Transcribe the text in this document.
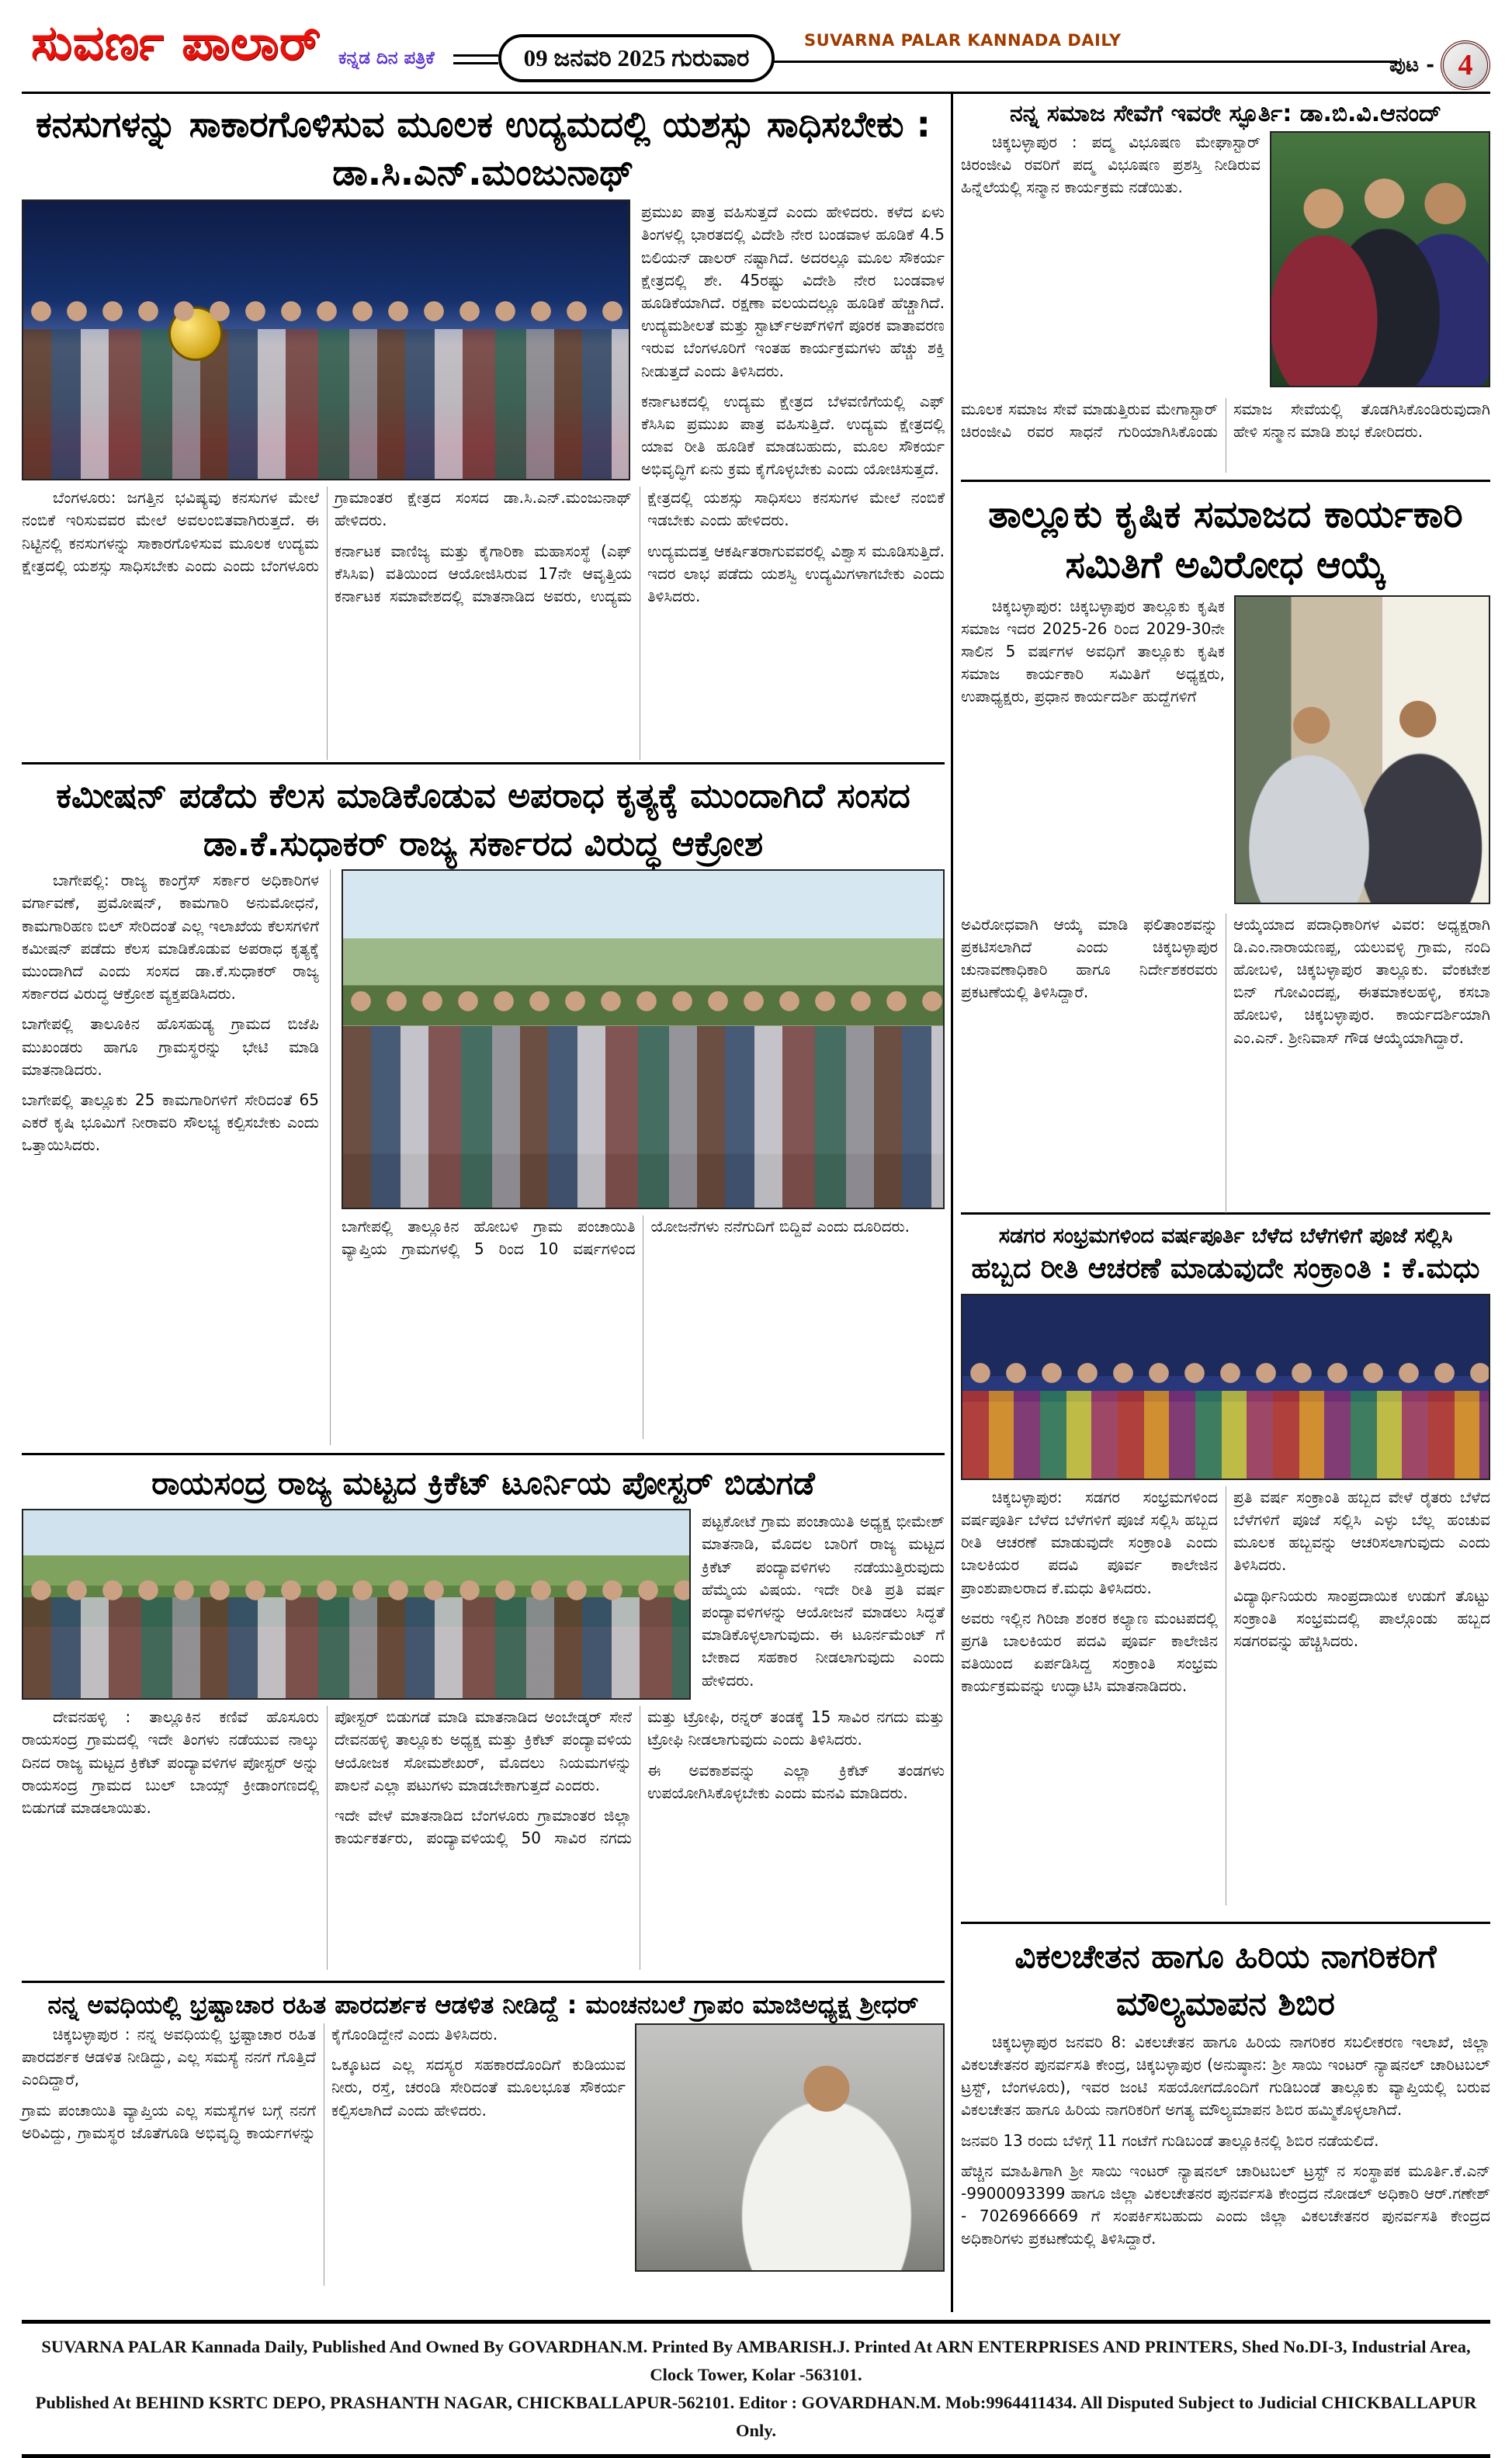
ಸುವರ್ಣ ಪಾಲಾರ್ ಕನ್ನಡ ದಿನ ಪತ್ರಿಕೆ	09 ಜನವರಿ 2025 ಗುರುವಾರ
SUVARNA PALAR KANNADA DAILY
ಪುಟ - 4
ಕನಸುಗಳನ್ನು ಸಾಕಾರಗೊಳಿಸುವ ಮೂಲಕ ಉದ್ಯಮದಲ್ಲಿ ಯಶಸ್ಸು ಸಾಧಿಸಬೇಕು : ಡಾ.ಸಿ.ಎನ್.ಮಂಜುನಾಥ್

ಪ್ರಮುಖ ಪಾತ್ರ ವಹಿಸುತ್ತದೆ ಎಂದು ಹೇಳಿದರು. ಕಳೆದ ಏಳು ತಿಂಗಳಲ್ಲಿ ಭಾರತದಲ್ಲಿ ವಿದೇಶಿ ನೇರ ಬಂಡವಾಳ ಹೂಡಿಕೆ 4.5 ಬಿಲಿಯನ್ ಡಾಲರ್ ನಷ್ಟಾಗಿದೆ. ಅದರಲ್ಲೂ ಮೂಲ ಸೌಕರ್ಯ ಕ್ಷೇತ್ರದಲ್ಲಿ ಶೇ. 45ರಷ್ಟು ವಿದೇಶಿ ನೇರ ಬಂಡವಾಳ ಹೂಡಿಕೆಯಾಗಿದೆ. ರಕ್ಷಣಾ ವಲಯದಲ್ಲೂ ಹೂಡಿಕೆ ಹೆಚ್ಚಾಗಿದೆ. ಉದ್ಯಮಶೀಲತೆ ಮತ್ತು ಸ್ಟಾರ್ಟ್‌ಅಪ್‌ಗಳಿಗೆ ಪೂರಕ ವಾತಾವರಣ ಇರುವ ಬೆಂಗಳೂರಿಗೆ ಇಂತಹ ಕಾರ್ಯಕ್ರಮಗಳು ಹೆಚ್ಚು ಶಕ್ತಿ ನೀಡುತ್ತದೆ ಎಂದು ತಿಳಿಸಿದರು.

ಕರ್ನಾಟಕದಲ್ಲಿ ಉದ್ಯಮ ಕ್ಷೇತ್ರದ ಬೆಳವಣಿಗೆಯಲ್ಲಿ ಎಫ್ ಕೆಸಿಸಿಐ ಪ್ರಮುಖ ಪಾತ್ರ ವಹಿಸುತ್ತಿದೆ. ಉದ್ಯಮ ಕ್ಷೇತ್ರದಲ್ಲಿ ಯಾವ ರೀತಿ ಹೂಡಿಕೆ ಮಾಡಬಹುದು, ಮೂಲ ಸೌಕರ್ಯ ಅಭಿವೃದ್ಧಿಗೆ ಏನು ಕ್ರಮ ಕೈಗೊಳ್ಳಬೇಕು ಎಂದು ಯೋಚಿಸುತ್ತದೆ.

ಬೆಂಗಳೂರು: ಜಗತ್ತಿನ ಭವಿಷ್ಯವು ಕನಸುಗಳ ಮೇಲೆ ನಂಬಿಕೆ ಇರಿಸುವವರ ಮೇಲೆ ಅವಲಂಬಿತವಾಗಿರುತ್ತದೆ. ಈ ನಿಟ್ಟಿನಲ್ಲಿ ಕನಸುಗಳನ್ನು ಸಾಕಾರಗೊಳಿಸುವ ಮೂಲಕ ಉದ್ಯಮ ಕ್ಷೇತ್ರದಲ್ಲಿ ಯಶಸ್ಸು ಸಾಧಿಸಬೇಕು ಎಂದು ಎಂದು ಬೆಂಗಳೂರು ಗ್ರಾಮಾಂತರ ಕ್ಷೇತ್ರದ ಸಂಸದ ಡಾ.ಸಿ.ಎನ್.ಮಂಜುನಾಥ್ ಹೇಳಿದರು.

ಕರ್ನಾಟಕ ವಾಣಿಜ್ಯ ಮತ್ತು ಕೈಗಾರಿಕಾ ಮಹಾಸಂಸ್ಥೆ (ಎಫ್ ಕೆಸಿಸಿಐ) ವತಿಯಿಂದ ಆಯೋಜಿಸಿರುವ 17ನೇ ಆವೃತ್ತಿಯ ಕರ್ನಾಟಕ ಸಮಾವೇಶದಲ್ಲಿ ಮಾತನಾಡಿದ ಅವರು, ಉದ್ಯಮ ಕ್ಷೇತ್ರದಲ್ಲಿ ಯಶಸ್ಸು ಸಾಧಿಸಲು ಕನಸುಗಳ ಮೇಲೆ ನಂಬಿಕೆ ಇಡಬೇಕು ಎಂದು ಹೇಳಿದರು.

ಉದ್ಯಮದತ್ತ ಆಕರ್ಷಿತರಾಗುವವರಲ್ಲಿ ವಿಶ್ವಾಸ ಮೂಡಿಸುತ್ತಿದೆ. ಇದರ ಲಾಭ ಪಡೆದು ಯಶಸ್ವಿ ಉದ್ಯಮಿಗಳಾಗಬೇಕು ಎಂದು ತಿಳಿಸಿದರು.

ಕಮೀಷನ್ ಪಡೆದು ಕೆಲಸ ಮಾಡಿಕೊಡುವ ಅಪರಾಧ ಕೃತ್ಯಕ್ಕೆ ಮುಂದಾಗಿದೆ ಸಂಸದ ಡಾ.ಕೆ.ಸುಧಾಕರ್ ರಾಜ್ಯ ಸರ್ಕಾರದ ವಿರುದ್ಧ ಆಕ್ರೋಶ

ಬಾಗೇಪಲ್ಲಿ: ರಾಜ್ಯ ಕಾಂಗ್ರೆಸ್ ಸರ್ಕಾರ ಅಧಿಕಾರಿಗಳ ವರ್ಗಾವಣೆ, ಪ್ರಮೋಷನ್, ಕಾಮಗಾರಿ ಅನುಮೋಧನೆ, ಕಾಮಗಾರಿಹಣ ಬಿಲ್ ಸೇರಿದಂತೆ ಎಲ್ಲ ಇಲಾಖೆಯ ಕೆಲಸಗಳಿಗೆ ಕಮೀಷನ್ ಪಡೆದು ಕೆಲಸ ಮಾಡಿಕೊಡುವ ಅಪರಾಧ ಕೃತ್ಯಕ್ಕೆ ಮುಂದಾಗಿದೆ ಎಂದು ಸಂಸದ ಡಾ.ಕೆ.ಸುಧಾಕರ್ ರಾಜ್ಯ ಸರ್ಕಾರದ ವಿರುದ್ಧ ಆಕ್ರೋಶ ವ್ಯಕ್ತಪಡಿಸಿದರು.

ಬಾಗೇಪಲ್ಲಿ ತಾಲೂಕಿನ ಹೊಸಹುಡ್ಯ ಗ್ರಾಮದ ಬಿಜೆಪಿ ಮುಖಂಡರು ಹಾಗೂ ಗ್ರಾಮಸ್ಥರನ್ನು ಭೇಟಿ ಮಾಡಿ ಮಾತನಾಡಿದರು.

ಬಾಗೇಪಲ್ಲಿ ತಾಲ್ಲೂಕು 25 ಕಾಮಗಾರಿಗಳಿಗೆ ಸೇರಿದಂತೆ 65 ಎಕರೆ ಕೃಷಿ ಭೂಮಿಗೆ ನೀರಾವರಿ ಸೌಲಭ್ಯ ಕಲ್ಪಿಸಬೇಕು ಎಂದು ಒತ್ತಾಯಿಸಿದರು.

ಬಾಗೇಪಲ್ಲಿ ತಾಲ್ಲೂಕಿನ ಹೋಬಳಿ ಗ್ರಾಮ ಪಂಚಾಯಿತಿ ವ್ಯಾಪ್ತಿಯ ಗ್ರಾಮಗಳಲ್ಲಿ 5 ರಿಂದ 10 ವರ್ಷಗಳಿಂದ ಯೋಜನೆಗಳು ನನೆಗುದಿಗೆ ಬಿದ್ದಿವೆ ಎಂದು ದೂರಿದರು.

ರಾಯಸಂದ್ರ ರಾಜ್ಯ ಮಟ್ಟದ ಕ್ರಿಕೆಟ್ ಟೂರ್ನಿಯ ಪೋಸ್ಟರ್ ಬಿಡುಗಡೆ

ಪಟ್ಟಕೋಟೆ ಗ್ರಾಮ ಪಂಚಾಯಿತಿ ಅಧ್ಯಕ್ಷ ಭೀಮೇಶ್ ಮಾತನಾಡಿ, ಮೊದಲ ಬಾರಿಗೆ ರಾಜ್ಯ ಮಟ್ಟದ ಕ್ರಿಕೆಟ್ ಪಂದ್ಯಾವಳಿಗಳು ನಡೆಯುತ್ತಿರುವುದು ಹೆಮ್ಮೆಯ ವಿಷಯ. ಇದೇ ರೀತಿ ಪ್ರತಿ ವರ್ಷ ಪಂದ್ಯಾವಳಿಗಳನ್ನು ಆಯೋಜನೆ ಮಾಡಲು ಸಿದ್ಧತೆ ಮಾಡಿಕೊಳ್ಳಲಾಗುವುದು. ಈ ಟೂರ್ನಮೆಂಟ್ ಗೆ ಬೇಕಾದ ಸಹಕಾರ ನೀಡಲಾಗುವುದು ಎಂದು ಹೇಳಿದರು.

ದೇವನಹಳ್ಳಿ : ತಾಲ್ಲೂಕಿನ ಕಣಿವೆ ಹೊಸೂರು ರಾಯಸಂದ್ರ ಗ್ರಾಮದಲ್ಲಿ ಇದೇ ತಿಂಗಳು ನಡೆಯುವ ನಾಲ್ಕು ದಿನದ ರಾಜ್ಯ ಮಟ್ಟದ ಕ್ರಿಕೆಟ್ ಪಂದ್ಯಾವಳಿಗಳ ಪೋಸ್ಟರ್ ಅನ್ನು ರಾಯಸಂದ್ರ ಗ್ರಾಮದ ಬುಲ್ ಬಾಯ್ಸ್ ಕ್ರೀಡಾಂಗಣದಲ್ಲಿ ಬಿಡುಗಡೆ ಮಾಡಲಾಯಿತು.

ಪೋಸ್ಟರ್ ಬಿಡುಗಡೆ ಮಾಡಿ ಮಾತನಾಡಿದ ಅಂಬೇಡ್ಕರ್ ಸೇನೆ ದೇವನಹಳ್ಳಿ ತಾಲ್ಲೂಕು ಅಧ್ಯಕ್ಷ ಮತ್ತು ಕ್ರಿಕೆಟ್ ಪಂದ್ಯಾವಳಿಯ ಆಯೋಜಕ ಸೋಮಶೇಖರ್, ಮೊದಲು ನಿಯಮಗಳನ್ನು ಪಾಲನೆ ಎಲ್ಲಾ ಪಟುಗಳು ಮಾಡಬೇಕಾಗುತ್ತದೆ ಎಂದರು.

ಇದೇ ವೇಳೆ ಮಾತನಾಡಿದ ಬೆಂಗಳೂರು ಗ್ರಾಮಾಂತರ ಜಿಲ್ಲಾ ಕಾರ್ಯಕರ್ತರು, ಪಂದ್ಯಾವಳಿಯಲ್ಲಿ 50 ಸಾವಿರ ನಗದು ಮತ್ತು ಟ್ರೋಫಿ, ರನ್ನರ್ ತಂಡಕ್ಕೆ 15 ಸಾವಿರ ನಗದು ಮತ್ತು ಟ್ರೋಫಿ ನೀಡಲಾಗುವುದು ಎಂದು ತಿಳಿಸಿದರು.

ಈ ಅವಕಾಶವನ್ನು ಎಲ್ಲಾ ಕ್ರಿಕೆಟ್ ತಂಡಗಳು ಉಪಯೋಗಿಸಿಕೊಳ್ಳಬೇಕು ಎಂದು ಮನವಿ ಮಾಡಿದರು.

ನನ್ನ ಅವಧಿಯಲ್ಲಿ ಭ್ರಷ್ಟಾಚಾರ ರಹಿತ ಪಾರದರ್ಶಕ ಆಡಳಿತ ನೀಡಿದ್ದೆ : ಮಂಚನಬಲೆ ಗ್ರಾಪಂ ಮಾಜಿಅಧ್ಯಕ್ಷ ಶ್ರೀಧರ್

ಚಿಕ್ಕಬಳ್ಳಾಪುರ : ನನ್ನ ಅವಧಿಯಲ್ಲಿ ಭ್ರಷ್ಟಾಚಾರ ರಹಿತ ಪಾರದರ್ಶಕ ಆಡಳಿತ ನೀಡಿದ್ದು, ಎಲ್ಲ ಸಮಸ್ಯೆ ನನಗೆ ಗೊತ್ತಿದೆ ಎಂದಿದ್ದಾರೆ,

ಗ್ರಾಮ ಪಂಚಾಯಿತಿ ವ್ಯಾಪ್ತಿಯ ಎಲ್ಲ ಸಮಸ್ಯೆಗಳ ಬಗ್ಗೆ ನನಗೆ ಅರಿವಿದ್ದು, ಗ್ರಾಮಸ್ಥರ ಜೊತೆಗೂಡಿ ಅಭಿವೃದ್ಧಿ ಕಾರ್ಯಗಳನ್ನು ಕೈಗೊಂಡಿದ್ದೇನೆ ಎಂದು ತಿಳಿಸಿದರು.

ಒಕ್ಕೂಟದ ಎಲ್ಲ ಸದಸ್ಯರ ಸಹಕಾರದೊಂದಿಗೆ ಕುಡಿಯುವ ನೀರು, ರಸ್ತೆ, ಚರಂಡಿ ಸೇರಿದಂತೆ ಮೂಲಭೂತ ಸೌಕರ್ಯ ಕಲ್ಪಿಸಲಾಗಿದೆ ಎಂದು ಹೇಳಿದರು.

ನನ್ನ ಸಮಾಜ ಸೇವೆಗೆ ಇವರೇ ಸ್ಫೂರ್ತಿ: ಡಾ.ಬಿ.ವಿ.ಆನಂದ್

ಚಿಕ್ಕಬಳ್ಳಾಪುರ : ಪದ್ಮ ವಿಭೂಷಣ ಮೇಘಾಸ್ಟಾರ್ ಚಿರಂಜೀವಿ ರವರಿಗೆ ಪದ್ಮ ವಿಭೂಷಣ ಪ್ರಶಸ್ತಿ ನೀಡಿರುವ ಹಿನ್ನೆಲೆಯಲ್ಲಿ ಸನ್ಮಾನ ಕಾರ್ಯಕ್ರಮ ನಡೆಯಿತು.

ಮೂಲಕ ಸಮಾಜ ಸೇವೆ ಮಾಡುತ್ತಿರುವ ಮೇಗಾಸ್ಟಾರ್ ಚಿರಂಜೀವಿ ರವರ ಸಾಧನೆ ಗುರಿಯಾಗಿಸಿಕೊಂಡು ಸಮಾಜ ಸೇವೆಯಲ್ಲಿ ತೊಡಗಿಸಿಕೊಂಡಿರುವುದಾಗಿ ಹೇಳಿ ಸನ್ಮಾನ ಮಾಡಿ ಶುಭ ಕೋರಿದರು.

ತಾಲ್ಲೂಕು ಕೃಷಿಕ ಸಮಾಜದ ಕಾರ್ಯಕಾರಿ ಸಮಿತಿಗೆ ಅವಿರೋಧ ಆಯ್ಕೆ

ಚಿಕ್ಕಬಳ್ಳಾಪುರ: ಚಿಕ್ಕಬಳ್ಳಾಪುರ ತಾಲ್ಲೂಕು ಕೃಷಿಕ ಸಮಾಜ ಇದರ 2025-26 ರಿಂದ 2029-30ನೇ ಸಾಲಿನ 5 ವರ್ಷಗಳ ಅವಧಿಗೆ ತಾಲ್ಲೂಕು ಕೃಷಿಕ ಸಮಾಜ ಕಾರ್ಯಕಾರಿ ಸಮಿತಿಗೆ ಅಧ್ಯಕ್ಷರು, ಉಪಾಧ್ಯಕ್ಷರು, ಪ್ರಧಾನ ಕಾರ್ಯದರ್ಶಿ ಹುದ್ದೆಗಳಿಗೆ

ಅವಿರೋಧವಾಗಿ ಆಯ್ಕೆ ಮಾಡಿ ಫಲಿತಾಂಶವನ್ನು ಪ್ರಕಟಿಸಲಾಗಿದೆ ಎಂದು ಚಿಕ್ಕಬಳ್ಳಾಪುರ ಚುನಾವಣಾಧಿಕಾರಿ ಹಾಗೂ ನಿರ್ದೇಶಕರವರು ಪ್ರಕಟಣೆಯಲ್ಲಿ ತಿಳಿಸಿದ್ದಾರೆ.

ಆಯ್ಕೆಯಾದ ಪದಾಧಿಕಾರಿಗಳ ವಿವರ: ಅಧ್ಯಕ್ಷರಾಗಿ ಡಿ.ಎಂ.ನಾರಾಯಣಪ್ಪ, ಯಲುವಳ್ಳಿ ಗ್ರಾಮ, ನಂದಿ ಹೋಬಳಿ, ಚಿಕ್ಕಬಳ್ಳಾಪುರ ತಾಲ್ಲೂಕು. ವೆಂಕಟೇಶ ಬಿನ್ ಗೋವಿಂದಪ್ಪ, ಈತಮಾಕಲಹಳ್ಳಿ, ಕಸಬಾ ಹೋಬಳಿ, ಚಿಕ್ಕಬಳ್ಳಾಪುರ. ಕಾರ್ಯದರ್ಶಿಯಾಗಿ ಎಂ.ಎನ್. ಶ್ರೀನಿವಾಸ್ ಗೌಡ ಆಯ್ಕೆಯಾಗಿದ್ದಾರೆ.

ಸಡಗರ ಸಂಭ್ರಮಗಳಿಂದ ವರ್ಷಪೂರ್ತಿ ಬೆಳೆದ ಬೆಳೆಗಳಿಗೆ ಪೂಜೆ ಸಲ್ಲಿಸಿ
ಹಬ್ಬದ ರೀತಿ ಆಚರಣೆ ಮಾಡುವುದೇ ಸಂಕ್ರಾಂತಿ : ಕೆ.ಮಧು

ಚಿಕ್ಕಬಳ್ಳಾಪುರ: ಸಡಗರ ಸಂಭ್ರಮಗಳಿಂದ ವರ್ಷಪೂರ್ತಿ ಬೆಳೆದ ಬೆಳೆಗಳಿಗೆ ಪೂಜೆ ಸಲ್ಲಿಸಿ ಹಬ್ಬದ ರೀತಿ ಆಚರಣೆ ಮಾಡುವುದೇ ಸಂಕ್ರಾಂತಿ ಎಂದು ಬಾಲಕಿಯರ ಪದವಿ ಪೂರ್ವ ಕಾಲೇಜಿನ ಪ್ರಾಂಶುಪಾಲರಾದ ಕೆ.ಮಧು ತಿಳಿಸಿದರು.

ಅವರು ಇಲ್ಲಿನ ಗಿರಿಜಾ ಶಂಕರ ಕಲ್ಯಾಣ ಮಂಟಪದಲ್ಲಿ ಪ್ರಗತಿ ಬಾಲಕಿಯರ ಪದವಿ ಪೂರ್ವ ಕಾಲೇಜಿನ ವತಿಯಿಂದ ಏರ್ಪಡಿಸಿದ್ದ ಸಂಕ್ರಾಂತಿ ಸಂಭ್ರಮ ಕಾರ್ಯಕ್ರಮವನ್ನು ಉದ್ಘಾಟಿಸಿ ಮಾತನಾಡಿದರು.

ಪ್ರತಿ ವರ್ಷ ಸಂಕ್ರಾಂತಿ ಹಬ್ಬದ ವೇಳೆ ರೈತರು ಬೆಳೆದ ಬೆಳೆಗಳಿಗೆ ಪೂಜೆ ಸಲ್ಲಿಸಿ ಎಳ್ಳು ಬೆಲ್ಲ ಹಂಚುವ ಮೂಲಕ ಹಬ್ಬವನ್ನು ಆಚರಿಸಲಾಗುವುದು ಎಂದು ತಿಳಿಸಿದರು.

ವಿದ್ಯಾರ್ಥಿನಿಯರು ಸಾಂಪ್ರದಾಯಿಕ ಉಡುಗೆ ತೊಟ್ಟು ಸಂಕ್ರಾಂತಿ ಸಂಭ್ರಮದಲ್ಲಿ ಪಾಲ್ಗೊಂಡು ಹಬ್ಬದ ಸಡಗರವನ್ನು ಹೆಚ್ಚಿಸಿದರು.

ವಿಕಲಚೇತನ ಹಾಗೂ ಹಿರಿಯ ನಾಗರಿಕರಿಗೆ ಮೌಲ್ಯಮಾಪನ ಶಿಬಿರ

ಚಿಕ್ಕಬಳ್ಳಾಪುರ ಜನವರಿ 8: ವಿಕಲಚೇತನ ಹಾಗೂ ಹಿರಿಯ ನಾಗರಿಕರ ಸಬಲೀಕರಣ ಇಲಾಖೆ, ಜಿಲ್ಲಾ ವಿಕಲಚೇತನರ ಪುನರ್ವಸತಿ ಕೇಂದ್ರ, ಚಿಕ್ಕಬಳ್ಳಾಪುರ (ಅನುಷ್ಠಾನ: ಶ್ರೀ ಸಾಯಿ ಇಂಟರ್ ನ್ಯಾಷನಲ್ ಚಾರಿಟಬಲ್ ಟ್ರಸ್ಟ್, ಬೆಂಗಳೂರು), ಇವರ ಜಂಟಿ ಸಹಯೋಗದೊಂದಿಗೆ ಗುಡಿಬಂಡೆ ತಾಲ್ಲೂಕು ವ್ಯಾಪ್ತಿಯಲ್ಲಿ ಬರುವ ವಿಕಲಚೇತನ ಹಾಗೂ ಹಿರಿಯ ನಾಗರಿಕರಿಗೆ ಅಗತ್ಯ ಮೌಲ್ಯಮಾಪನ ಶಿಬಿರ ಹಮ್ಮಿಕೊಳ್ಳಲಾಗಿದೆ.

ಜನವರಿ 13 ರಂದು ಬೆಳಿಗ್ಗೆ 11 ಗಂಟೆಗೆ ಗುಡಿಬಂಡೆ ತಾಲ್ಲೂಕಿನಲ್ಲಿ ಶಿಬಿರ ನಡೆಯಲಿದೆ.

ಹೆಚ್ಚಿನ ಮಾಹಿತಿಗಾಗಿ ಶ್ರೀ ಸಾಯಿ ಇಂಟರ್ ನ್ಯಾಷನಲ್ ಚಾರಿಟಬಲ್ ಟ್ರಸ್ಟ್ ನ ಸಂಸ್ಥಾಪಕ ಮೂರ್ತಿ.ಕೆ.ಎನ್ -9900093399 ಹಾಗೂ ಜಿಲ್ಲಾ ವಿಕಲಚೇತನರ ಪುನರ್ವಸತಿ ಕೇಂದ್ರದ ನೋಡಲ್ ಅಧಿಕಾರಿ ಆರ್.ಗಣೇಶ್ - 7026966669 ಗೆ ಸಂಪರ್ಕಿಸಬಹುದು ಎಂದು ಜಿಲ್ಲಾ ವಿಕಲಚೇತನರ ಪುನರ್ವಸತಿ ಕೇಂದ್ರದ ಅಧಿಕಾರಿಗಳು ಪ್ರಕಟಣೆಯಲ್ಲಿ ತಿಳಿಸಿದ್ದಾರೆ.

SUVARNA PALAR Kannada Daily, Published And Owned By GOVARDHAN.M. Printed By AMBARISH.J. Printed At ARN ENTERPRISES AND PRINTERS, Shed No.DI-3, Industrial Area, Clock Tower, Kolar -563101.
Published At BEHIND KSRTC DEPO, PRASHANTH NAGAR, CHICKBALLAPUR-562101. Editor : GOVARDHAN.M. Mob:9964411434. All Disputed Subject to Judicial CHICKBALLAPUR Only.
